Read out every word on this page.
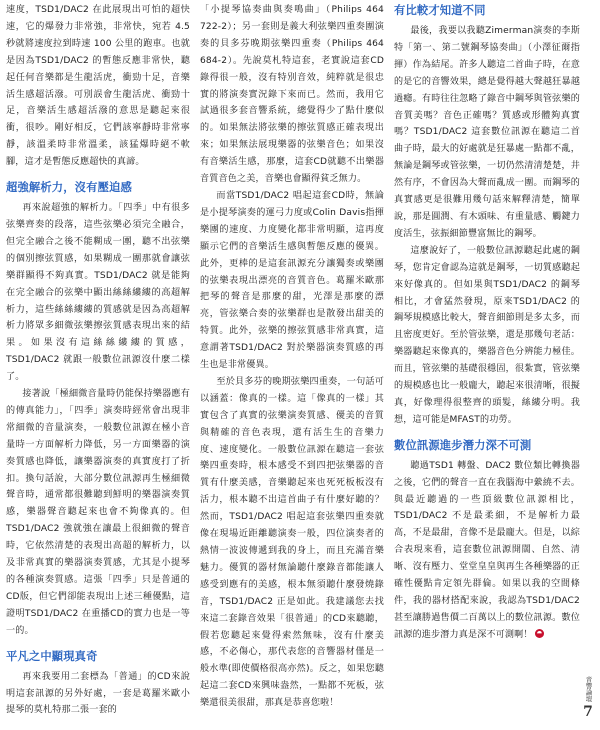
速度，TSD1/DAC2 在此展現出可怕的超快速，它的爆發力非常強，非常快，宛若 4.5 秒就將速度拉到時速 100 公里的跑車。也就是因為TSD1/DAC2 的暫態反應非常快，聽起任何音樂都是生龍活虎，衝勁十足，音樂活生感超活潑。可別誤會生龍活虎、衝勁十足，音樂活生感超活潑的意思是聽起來很衝，很吵。剛好相反，它們該寧靜時非常寧靜，該溫柔時非常溫柔，該猛爆時絕不軟腳，這才是暫態反應超快的真諦。

超強解析力，沒有壓迫感

再來說超強的解析力。「四季」中有很多弦樂齊奏的段落，這些弦樂必須完全融合，但完全融合之後不能糊成一團，聽不出弦樂的個別擦弦質感，如果糊成一團那就會讓弦樂群顯得不夠真實。TSD1/DAC2 就是能夠在完全融合的弦樂中顯出絲絲縷縷的高超解析力，這些絲絲縷縷的質感就是因為高超解析力將眾多細微弦樂擦弦質感表現出來的結果。如果沒有這絲絲縷縷的質感，TSD1/DAC2 就跟一般數位訊源沒什麼二樣了。

接著說「極細微音量時仍能保持樂器應有的傳真能力」，「四季」演奏時經常會出現非常細微的音量演奏，一般數位訊源在極小音量時一方面解析力降低，另一方面樂器的演奏質感也降低，讓樂器演奏的真實度打了折扣。換句話說，大部分數位訊源再生極細微聲音時，通常都很難聽到鮮明的樂器演奏質感，樂器聲音聽起來也會不夠像真的。但TSD1/DAC2 強就強在讓最上很細微的聲音時，它依然清楚的表現出高超的解析力，以及非常真實的樂器演奏質感，尤其是小提琴的各種演奏質感。這張「四季」只是普通的CD版，但它們卻能表現出上述三種優點，這證明TSD1/DAC2 在重播CD的實力也是一等一的。

平凡之中顯現真奇

再來我要用二套標為「普通」的CD來說明這套訊源的另外好處，一套是葛羅米歐小提琴的莫札特那二張一套的

「小提琴協奏曲與奏鳴曲」（Philips 464 722-2）；另一套則是義大利弦樂四重奏團演奏的貝多芬晚期弦樂四重奏（Philips 464 684-2）。先說莫札特這套，老實說這套CD錄得很一般，沒有特別音效，純粹就是很忠實的將演奏實況錄下來而已。然而，我用它試過很多套音響系統，總覺得少了點什麼似的。如果無法將弦樂的擦弦質感正確表現出來；如果無法展現樂器的弦樂音色；如果沒有音樂活生感，那麼，這套CD就聽不出樂器音質音色之美，音樂也會顯得貧乏無力。

而當TSD1/DAC2 唱起這套CD時，無論是小提琴演奏的運弓力度或Colin Davis指揮樂團的速度、力度變化都非常明顯，這再度顯示它們的音樂活生感與暫態反應的優異。此外，更棒的是這套訊源充分讓獨奏或樂團的弦樂表現出漂亮的音質音色。葛羅米歐那把琴的聲音是那麼的甜，光澤是那麼的漂亮，管弦樂合奏的弦樂群也是散發出甜美的特質。此外，弦樂的擦弦質感非常真實，這意謂著TSD1/DAC2 對於樂器演奏質感的再生也是非常優異。

至於貝多芬的晚期弦樂四重奏，一句話可以涵蓋：像真的一樣。這「像真的一樣」其實包含了真實的弦樂演奏質感、優美的音質與精確的音色表現，還有活生生的音樂力度、速度變化。一般數位訊源在聽這一套弦樂四重奏時，根本感受不到四把弦樂器的音質有什麼美感，音樂聽起來也死死板板沒有活力，根本聽不出這首曲子有什麼好聽的？然而，TSD1/DAC2 唱起這套弦樂四重奏就像在現場近距離聽演奏一般，四位演奏者的熱情一波波傳遞到我的身上，而且充滿音樂魅力。優質的器材無論聽什麼錄音都能讓人感受到應有的美感，根本無須聽什麼發燒錄音，TSD1/DAC2 正是如此。我建議您去找來這二套錄音效果「很普通」的CD來聽聽，假若您聽起來覺得索然無味，沒有什麼美感，不必傷心，那代表您的音響器材僅是一般水準(即使價格很高亦然)。反之，如果您聽起這二套CD來興味盎然，一點都不死板，弦樂還很美很甜，那真是恭喜您啦！

有比較才知道不同

最後，我要以我聽Zimerman演奏的李斯特「第一、第二號鋼琴協奏曲」（小澤征爾指揮）作為結尾。許多人聽這二首曲子時，在意的是它的音響效果，總是覺得越大聲越狂暴越過癮。有時往往忽略了錄音中鋼琴與管弦樂的音質美嗎？音色正確嗎？質感或形體夠真實嗎？TSD1/DAC2 這套數位訊源在聽這二首曲子時，最大的好處就是狂暴處一點都不亂，無論是鋼琴或管弦樂，一切仍然清清楚楚，井然有序，不會因為大聲而亂成一團。而鋼琴的真實感更是很難用幾句話來解釋清楚，簡單說，那是圓潤、有木頭味、有重量感、觸鍵力度活生，弦振細節豐富無比的鋼琴。

這麼說好了，一般數位訊源聽起此處的鋼琴，您肯定會認為這就是鋼琴，一切質感聽起來好像真的。但如果與TSD1/DAC2 的鋼琴相比，才會猛然發現，原來TSD1/DAC2 的鋼琴規模感比較大，聲音細節則是多太多，而且密度更好。至於管弦樂，還是那幾句老話：樂器聽起來像真的，樂器音色分辨能力極佳。而且，管弦樂的基礎很穩固，很紮實，管弦樂的規模感也比一般龐大，聽起來很清晰，很擬真，好像理得很整齊的頭髮，絲縷分明。我想，這可能是MFAST的功勞。

數位訊源進步潛力深不可測

聽過TSD1 轉盤、DAC2 數位類比轉換器之後，它們的聲音一直在我腦海中縈繞不去。與最近聽過的一些頂級數位訊源相比，TSD1/DAC2 不是最柔細，不是解析力最高，不是最甜，音像不是最龐大。但是，以綜合表現來看，這套數位訊源開闊、自然、清晰、沒有壓力、堂堂皇皇與再生各種樂器的正確性優點肯定領先群倫。如果以我的空間條件，我的器材搭配來說，我認為TSD1/DAC2 甚至讓勝過售價二百萬以上的數位訊源。數位訊源的進步潛力真是深不可測啊！

音響論壇
7
